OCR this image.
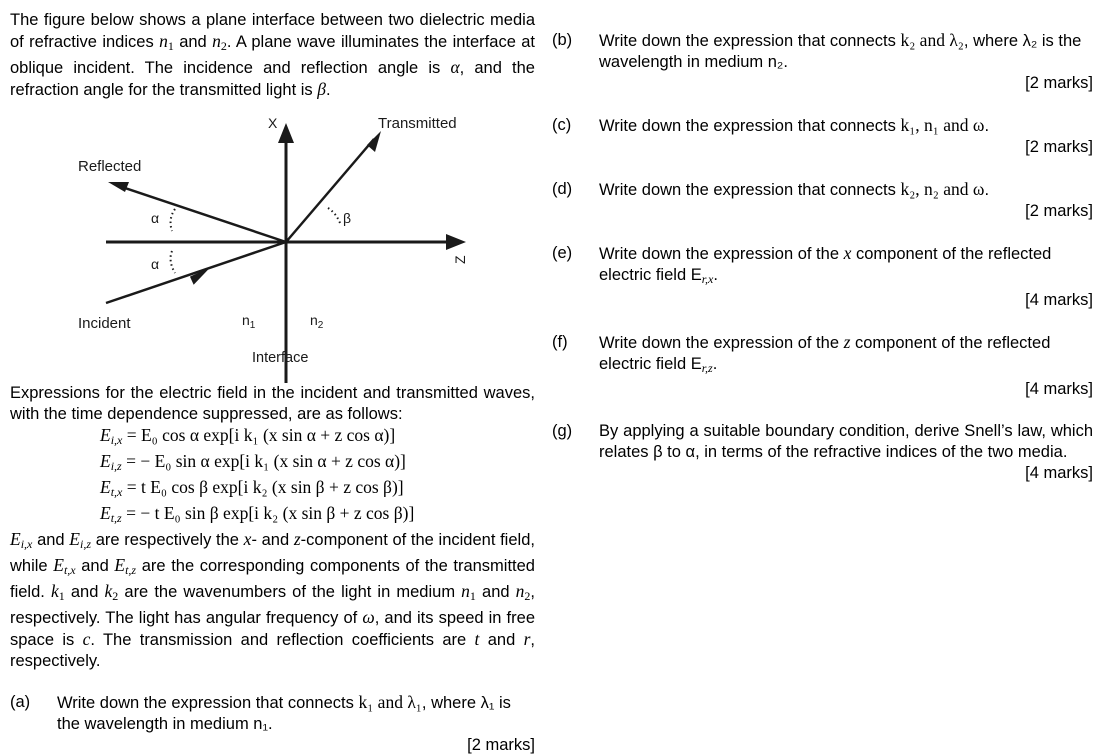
The figure below shows a plane interface between two dielectric media of refractive indices n1 and n2. A plane wave illuminates the interface at oblique incident. The incidence and reflection angle is α, and the refraction angle for the transmitted light is β.

X
Z
Transmitted
Reflected
Incident
α
α
β
$n_1$	$n_2$
Interface

Expressions for the electric field in the incident and transmitted waves, with the time dependence suppressed, are as follows:

$E_{i,x} = E_0$ cos α exp[i k₁ (x sin α + z cos α)]
$E_{i,z}$ = − E₀ sin α exp[i k₁ (x sin α + z cos α)]
$E_{t,x} = t$ E₀ cos β exp[i k₂ (x sin β + z cos β)]
$E_{t,z}$ = − t E₀ sin β exp[i k₂ (x sin β + z cos β)]

$E_{i,x}$ and $E_{i,z}$ are respectively the x- and z-component of the incident field, while $E_{t,x}$ and $E_{t,z}$ are the corresponding components of the transmitted field. k1 and k2 are the wavenumbers of the light in medium n1 and n2, respectively. The light has angular frequency of ω, and its speed in free space is c. The transmission and reflection coefficients are t and r, respectively.

(a) Write down the expression that connects k₁ and λ₁, where λ₁ is the wavelength in medium n₁.

[2 marks]

(b) Write down the expression that connects k₂ and λ₂, where λ₂ is the wavelength in medium n₂.

[2 marks]

(c) Write down the expression that connects k₁, n₁ and ω.

[2 marks]

(d) Write down the expression that connects k₂, n₂ and ω.

[2 marks]

(e) Write down the expression of the x component of the reflected electric field $E_{r,x}$.

[4 marks]

(f) Write down the expression of the z component of the reflected electric field $E_{r,z}$.

[4 marks]

(g) By applying a suitable boundary condition, derive Snell’s law, which relates β to α, in terms of the refractive indices of the two media.

[4 marks]
